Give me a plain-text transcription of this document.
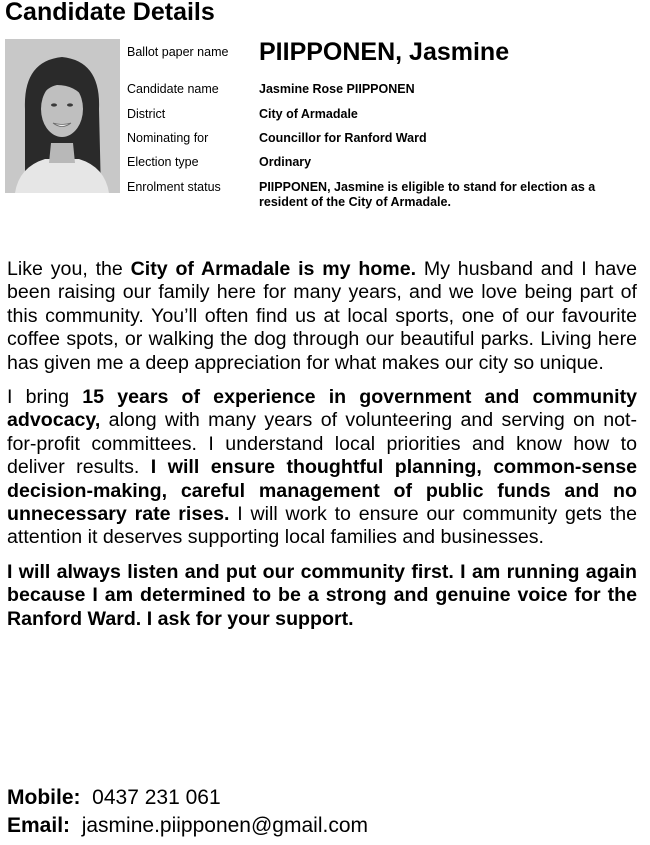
Candidate Details
Ballot paper name	PIIPPONEN, Jasmine
Candidate name	Jasmine Rose PIIPPONEN
District	City of Armadale
Nominating for	Councillor for Ranford Ward
Election type	Ordinary
Enrolment status	PIIPPONEN, Jasmine is eligible to stand for election as a resident of the City of Armadale.

Like you, the City of Armadale is my home. My husband and I have been raising our family here for many years, and we love being part of this community. You’ll often find us at local sports, one of our favourite coffee spots, or walking the dog through our beautiful parks. Living here has given me a deep appreciation for what makes our city so unique.

I bring 15 years of experience in government and community advocacy, along with many years of volunteering and serving on not-for-profit committees. I understand local priorities and know how to deliver results. I will ensure thoughtful planning, common-sense decision-making, careful management of public funds and no unnecessary rate rises. I will work to ensure our community gets the attention it deserves supporting local families and businesses.

I will always listen and put our community first. I am running again because I am determined to be a strong and genuine voice for the Ranford Ward. I ask for your support.

Mobile:  0437 231 061
Email:  jasmine.piipponen@gmail.com
